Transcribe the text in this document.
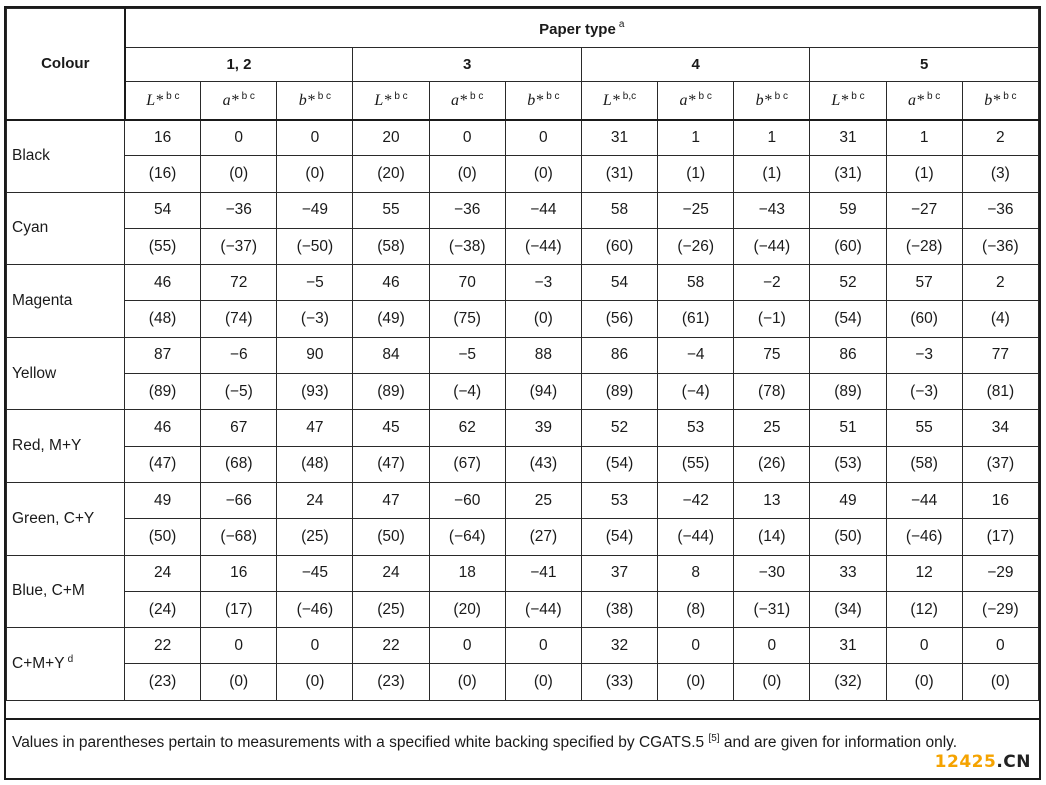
Colour	Paper type $^a$
	1, 2			3			4			5		
	L* $^{b c}$	a* $^{b c}$	b* $^{b c}$	L* $^{b c}$	a* $^{b c}$	b* $^{b c}$	L* $^{b,c}$	a* $^{b c}$	b* $^{b c}$	L* $^{b c}$	a* $^{b c}$	b* $^{b c}$
Black	16	0	0	20	0	0	31	1	1	31	1	2
	(16)	(0)	(0)	(20)	(0)	(0)	(31)	(1)	(1)	(31)	(1)	(3)
Cyan	54	−36	−49	55	−36	−44	58	−25	−43	59	−27	−36
	(55)	(−37)	(−50)	(58)	(−38)	(−44)	(60)	(−26)	(−44)	(60)	(−28)	(−36)
Magenta	46	72	−5	46	70	−3	54	58	−2	52	57	2
	(48)	(74)	(−3)	(49)	(75)	(0)	(56)	(61)	(−1)	(54)	(60)	(4)
Yellow	87	−6	90	84	−5	88	86	−4	75	86	−3	77
	(89)	(−5)	(93)	(89)	(−4)	(94)	(89)	(−4)	(78)	(89)	(−3)	(81)
Red, M+Y	46	67	47	45	62	39	52	53	25	51	55	34
	(47)	(68)	(48)	(47)	(67)	(43)	(54)	(55)	(26)	(53)	(58)	(37)
Green, C+Y	49	−66	24	47	−60	25	53	−42	13	49	−44	16
	(50)	(−68)	(25)	(50)	(−64)	(27)	(54)	(−44)	(14)	(50)	(−46)	(17)
Blue, C+M	24	16	−45	24	18	−41	37	8	−30	33	12	−29
	(24)	(17)	(−46)	(25)	(20)	(−44)	(38)	(8)	(−31)	(34)	(12)	(−29)
C+M+Y $^d$	22	0	0	22	0	0	32	0	0	31	0	0
	(23)	(0)	(0)	(23)	(0)	(0)	(33)	(0)	(0)	(32)	(0)	(0)
Values in parentheses pertain to measurements with a specified white backing specified by CGATS.5 [5] and are given for information only.
12425.CN
